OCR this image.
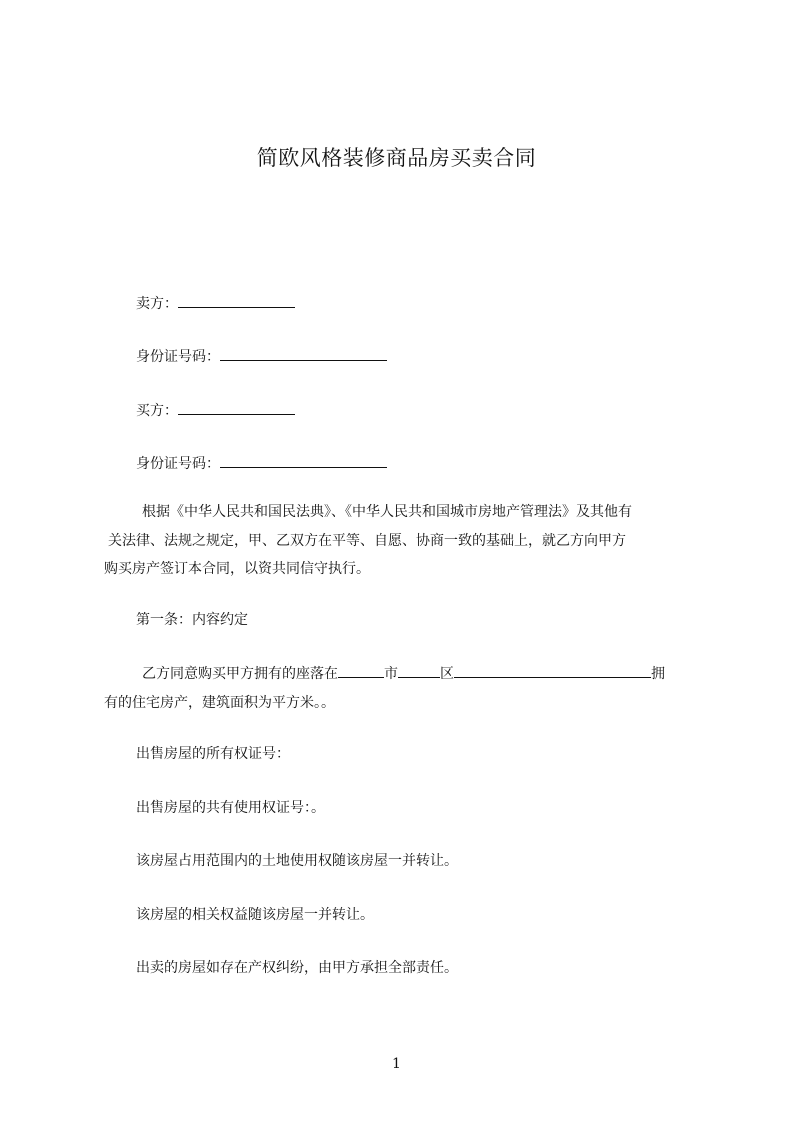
简欧风格装修商品房买卖合同
卖方：
身份证号码：
买方：
身份证号码：
根据《中华人民共和国民法典》、《中华人民共和国城市房地产管理法》及其他有
关法律、法规之规定，甲、乙双方在平等、自愿、协商一致的基础上，就乙方向甲方
购买房产签订本合同，以资共同信守执行。
第一条：内容约定
乙方同意购买甲方拥有的座落在	市	区	拥
有的住宅房产，建筑面积为平方米。。
出售房屋的所有权证号：
出售房屋的共有使用权证号：。
该房屋占用范围内的土地使用权随该房屋一并转让。
该房屋的相关权益随该房屋一并转让。
出卖的房屋如存在产权纠纷，由甲方承担全部责任。
1
